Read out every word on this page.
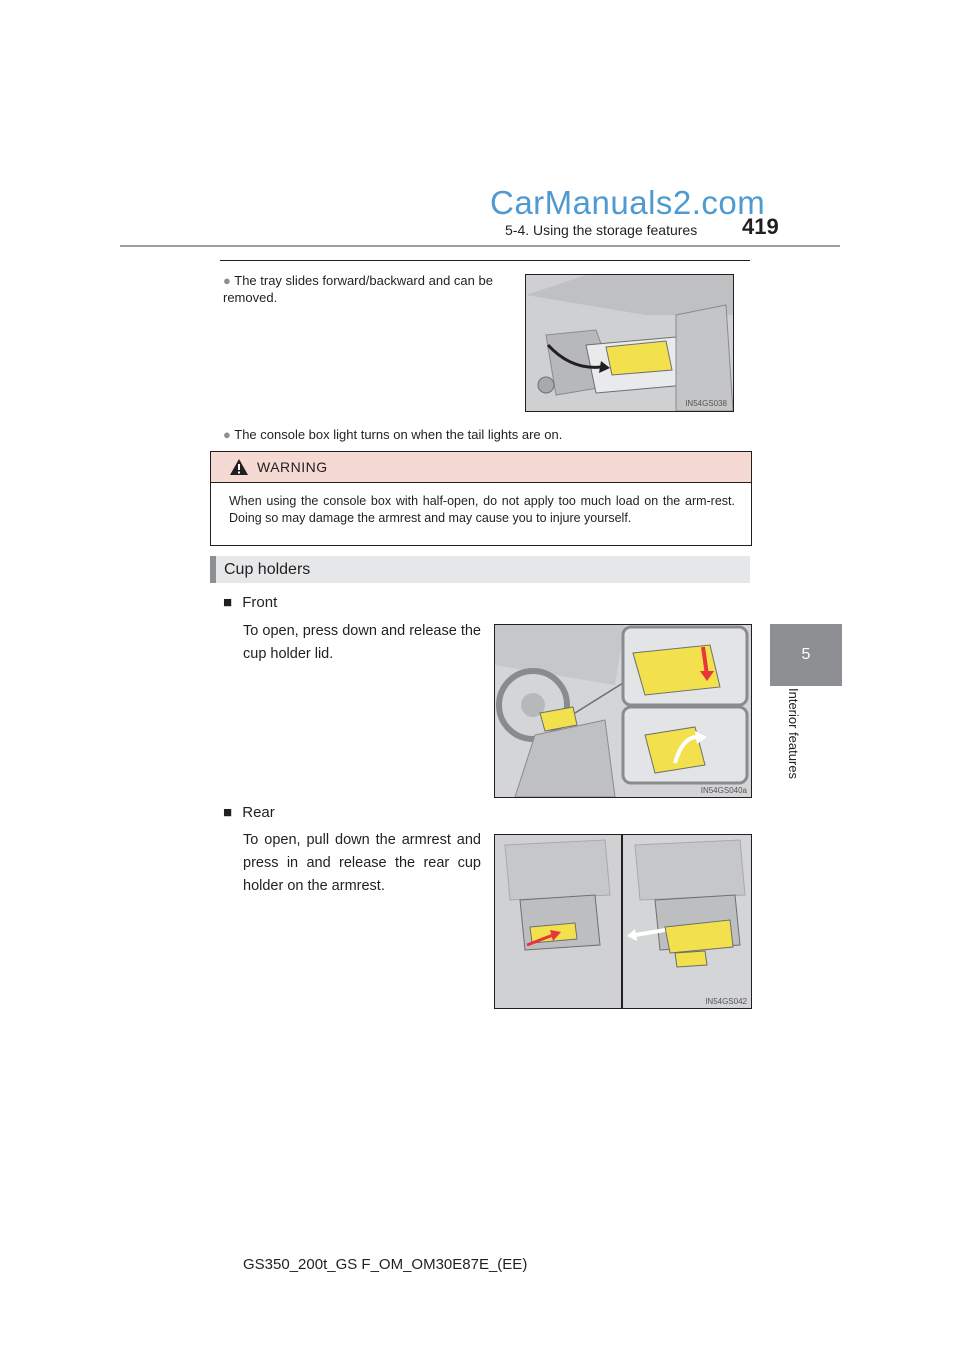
CarManuals2.com
5-4. Using the storage features 419
5
Interior features
● The tray slides forward/backward and can be removed.
IN54GS038
● The console box light turns on when the tail lights are on.
WARNING
When using the console box with half-open, do not apply too much load on the arm-rest. Doing so may damage the armrest and may cause you to injure yourself.
Cup holders
■ Front
To open, press down and release the cup holder lid.
IN54GS040a
■ Rear
To open, pull down the armrest and press in and release the rear cup holder on the armrest.
IN54GS042
GS350_200t_GS F_OM_OM30E87E_(EE)
